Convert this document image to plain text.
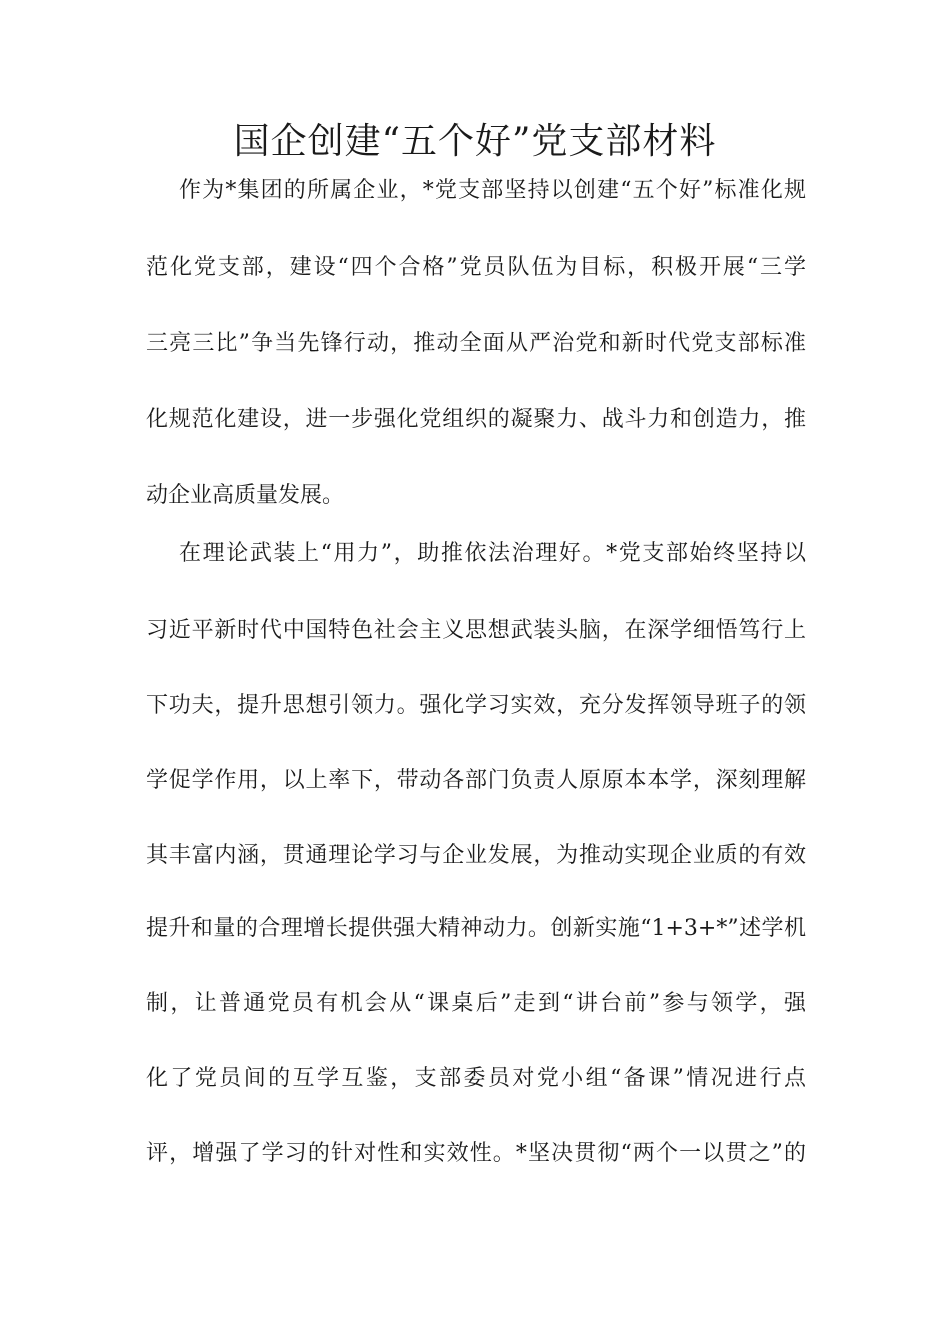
国企创建“五个好”党支部材料

作为*集团的所属企业，*党支部坚持以创建“五个好”标准化规

范化党支部，建设“四个合格”党员队伍为目标，积极开展“三学

三亮三比”争当先锋行动，推动全面从严治党和新时代党支部标准

化规范化建设，进一步强化党组织的凝聚力、战斗力和创造力，推

动企业高质量发展。

在理论武装上“用力”，助推依法治理好。*党支部始终坚持以

习近平新时代中国特色社会主义思想武装头脑，在深学细悟笃行上

下功夫，提升思想引领力。强化学习实效，充分发挥领导班子的领

学促学作用，以上率下，带动各部门负责人原原本本学，深刻理解

其丰富内涵，贯通理论学习与企业发展，为推动实现企业质的有效

提升和量的合理增长提供强大精神动力。创新实施“1+3+*”述学机

制，让普通党员有机会从“课桌后”走到“讲台前”参与领学，强

化了党员间的互学互鉴，支部委员对党小组“备课”情况进行点

评，增强了学习的针对性和实效性。*坚决贯彻“两个一以贯之”的
